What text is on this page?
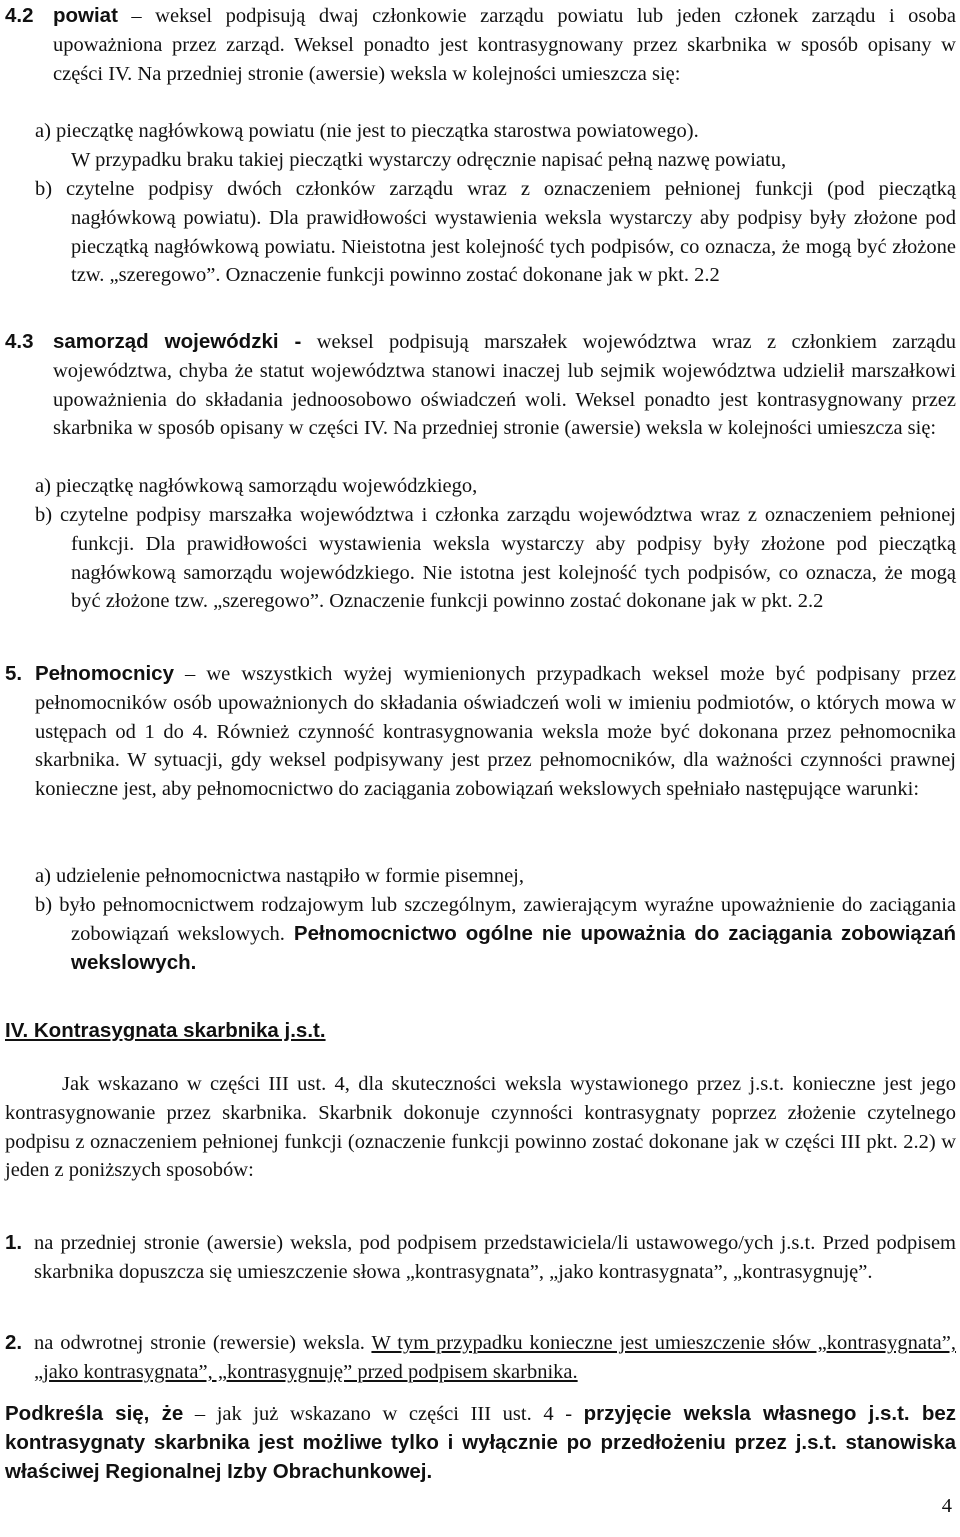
4.2 powiat – weksel podpisują dwaj członkowie zarządu powiatu lub jeden członek zarządu i osoba upoważniona przez zarząd. Weksel ponadto jest kontrasygnowany przez skarbnika w sposób opisany w części IV. Na przedniej stronie (awersie) weksla w kolejności umieszcza się:

a) pieczątkę nagłówkową powiatu (nie jest to pieczątka starostwa powiatowego).
W przypadku braku takiej pieczątki wystarczy odręcznie napisać pełną nazwę powiatu,
b) czytelne podpisy dwóch członków zarządu wraz z oznaczeniem pełnionej funkcji (pod pieczątką nagłówkową powiatu). Dla prawidłowości wystawienia weksla wystarczy aby podpisy były złożone pod pieczątką nagłówkową powiatu. Nieistotna jest kolejność tych podpisów, co oznacza, że mogą być złożone tzw. „szeregowo”. Oznaczenie funkcji powinno zostać dokonane jak w pkt. 2.2
4.3 samorząd wojewódzki - weksel podpisują marszałek województwa wraz z członkiem zarządu województwa, chyba że statut województwa stanowi inaczej lub sejmik województwa udzielił marszałkowi upoważnienia do składania jednoosobowo oświadczeń woli. Weksel ponadto jest kontrasygnowany przez skarbnika w sposób opisany w części IV. Na przedniej stronie (awersie) weksla w kolejności umieszcza się:

a) pieczątkę nagłówkową samorządu wojewódzkiego,
b) czytelne podpisy marszałka województwa i członka zarządu województwa wraz z oznaczeniem pełnionej funkcji. Dla prawidłowości wystawienia weksla wystarczy aby podpisy były złożone pod pieczątką nagłówkową samorządu wojewódzkiego. Nie istotna jest kolejność tych podpisów, co oznacza, że mogą być złożone tzw. „szeregowo”. Oznaczenie funkcji powinno zostać dokonane jak w pkt. 2.2
5. Pełnomocnicy – we wszystkich wyżej wymienionych przypadkach weksel może być podpisany przez pełnomocników osób upoważnionych do składania oświadczeń woli w imieniu podmiotów, o których mowa w ustępach od 1 do 4. Również czynność kontrasygnowania weksla może być dokonana przez pełnomocnika skarbnika. W sytuacji, gdy weksel podpisywany jest przez pełnomocników, dla ważności czynności prawnej konieczne jest, aby pełnomocnictwo do zaciągania zobowiązań wekslowych spełniało następujące warunki:

a) udzielenie pełnomocnictwa nastąpiło w formie pisemnej,
b) było pełnomocnictwem rodzajowym lub szczególnym, zawierającym wyraźne upoważnienie do zaciągania zobowiązań wekslowych. Pełnomocnictwo ogólne nie upoważnia do zaciągania zobowiązań wekslowych.
IV. Kontrasygnata skarbnika j.s.t.

Jak wskazano w części III ust. 4, dla skuteczności weksla wystawionego przez j.s.t. konieczne jest jego kontrasygnowanie przez skarbnika. Skarbnik dokonuje czynności kontrasygnaty poprzez złożenie czytelnego podpisu z oznaczeniem pełnionej funkcji (oznaczenie funkcji powinno zostać dokonane jak w części III pkt. 2.2) w jeden z poniższych sposobów:

1. na przedniej stronie (awersie) weksla, pod podpisem przedstawiciela/li ustawowego/ych j.s.t. Przed podpisem skarbnika dopuszcza się umieszczenie słowa „kontrasygnata”, „jako kontrasygnata”, „kontrasygnuję”.
2. na odwrotnej stronie (rewersie) weksla. W tym przypadku konieczne jest umieszczenie słów „kontrasygnata”, „jako kontrasygnata”, „kontrasygnuję” przed podpisem skarbnika.
Podkreśla się, że – jak już wskazano w części III ust. 4 - przyjęcie weksla własnego j.s.t. bez kontrasygnaty skarbnika jest możliwe tylko i wyłącznie po przedłożeniu przez j.s.t. stanowiska właściwej Regionalnej Izby Obrachunkowej.
4
